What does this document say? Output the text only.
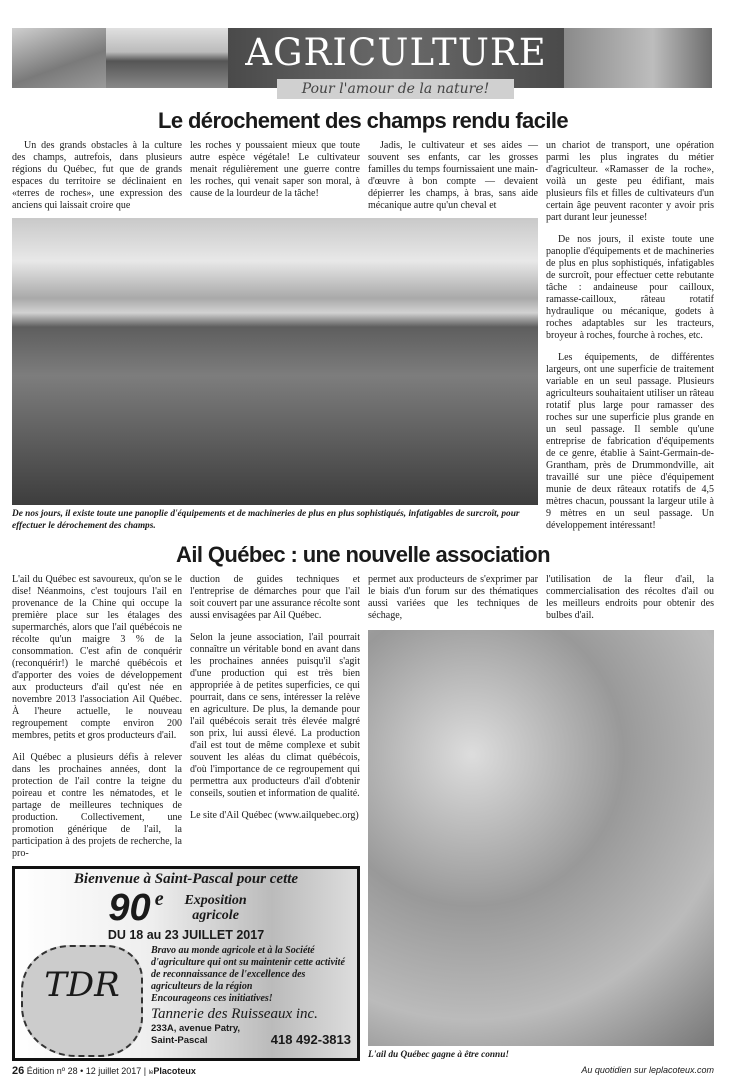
AGRICULTURE
Pour l'amour de la nature!
Le dérochement des champs rendu facile

Un des grands obstacles à la culture des champs, autrefois, dans plusieurs régions du Québec, fut que de grands espaces du territoire se déclinaient en «terres de roches», une expression des anciens qui laissait croire que

les roches y poussaient mieux que toute autre espèce végétale! Le cultivateur menait régulièrement une guerre contre les roches, qui venait saper son moral, à cause de la lourdeur de la tâche!

Jadis, le cultivateur et ses aides — souvent ses enfants, car les grosses familles du temps fournissaient une main-d'œuvre à bon compte — devaient dépierrer les champs, à bras, sans aide mécanique autre qu'un cheval et

De nos jours, il existe toute une panoplie d'équipements et de machineries de plus en plus sophistiqués, infatigables de surcroît, pour effectuer le dérochement des champs.

un chariot de transport, une opération parmi les plus ingrates du métier d'agriculteur. «Ramasser de la roche», voilà un geste peu édifiant, mais plusieurs fils et filles de cultivateurs d'un certain âge peuvent raconter y avoir pris part durant leur jeunesse!

De nos jours, il existe toute une panoplie d'équipements et de machineries de plus en plus sophistiqués, infatigables de surcroît, pour effectuer cette rebutante tâche : andaineuse pour cailloux, ramasse-cailloux, râteau rotatif hydraulique ou mécanique, godets à roches adaptables sur les tracteurs, broyeur à roches, fourche à roches, etc.

Les équipements, de différentes largeurs, ont une superficie de traitement variable en un seul passage. Plusieurs agriculteurs souhaitaient utiliser un râteau rotatif plus large pour ramasser des roches sur une superficie plus grande en un seul passage. Il semble qu'une entreprise de fabrication d'équipements de ce genre, établie à Saint-Germain-de-Grantham, près de Drummondville, ait travaillé sur une pièce d'équipement munie de deux râteaux rotatifs de 4,5 mètres chacun, poussant la largeur utile à 9 mètres en un seul passage. Un développement intéressant!

Ail Québec : une nouvelle association

L'ail du Québec est savoureux, qu'on se le dise! Néanmoins, c'est toujours l'ail en provenance de la Chine qui occupe la première place sur les étalages des supermarchés, alors que l'ail québécois ne récolte qu'un maigre 3 % de la consommation. C'est afin de conquérir (reconquérir!) le marché québécois et d'apporter des voies de développement aux producteurs d'ail qu'est née en novembre 2013 l'association Ail Québec. À l'heure actuelle, le nouveau regroupement compte environ 200 membres, petits et gros producteurs d'ail.

Ail Québec a plusieurs défis à relever dans les prochaines années, dont la protection de l'ail contre la teigne du poireau et contre les nématodes, et le partage de meilleures techniques de production. Collectivement, une promotion générique de l'ail, la participation à des projets de recherche, la pro-

duction de guides techniques et l'entreprise de démarches pour que l'ail soit couvert par une assurance récolte sont aussi envisagées par Ail Québec.

Selon la jeune association, l'ail pourrait connaître un véritable bond en avant dans les prochaines années puisqu'il s'agit d'une production qui est très bien appropriée à de petites superficies, ce qui pourrait, dans ce sens, intéresser la relève en agriculture. De plus, la demande pour l'ail québécois serait très élevée malgré son prix, lui aussi élevé. La production d'ail est tout de même complexe et subit souvent les aléas du climat québécois, d'où l'importance de ce regroupement qui permettra aux producteurs d'ail d'obtenir conseils, soutien et information de qualité.

Le site d'Ail Québec (www.ailquebec.org)

Bienvenue à Saint-Pascal pour cette
90 e	Exposition agricole
DU 18 au 23 JUILLET 2017
TDR
Bravo au monde agricole et à la Société d'agriculture qui ont su maintenir cette activité de reconnaissance de l'excellence des agriculteurs de la région
Encourageons ces initiatives!
Tannerie des Ruisseaux inc.
233A, avenue Patry,
Saint-Pascal	418 492-3813

permet aux producteurs de s'exprimer par le biais d'un forum sur des thématiques aussi variées que les techniques de séchage,

l'utilisation de la fleur d'ail, la commercialisation des récoltes d'ail ou les meilleurs endroits pour obtenir des bulbes d'ail.

L'ail du Québec gagne à être connu!
26 Édition nº 28 • 12 juillet 2017 | lePlacoteux	Au quotidien sur leplacoteux.com
